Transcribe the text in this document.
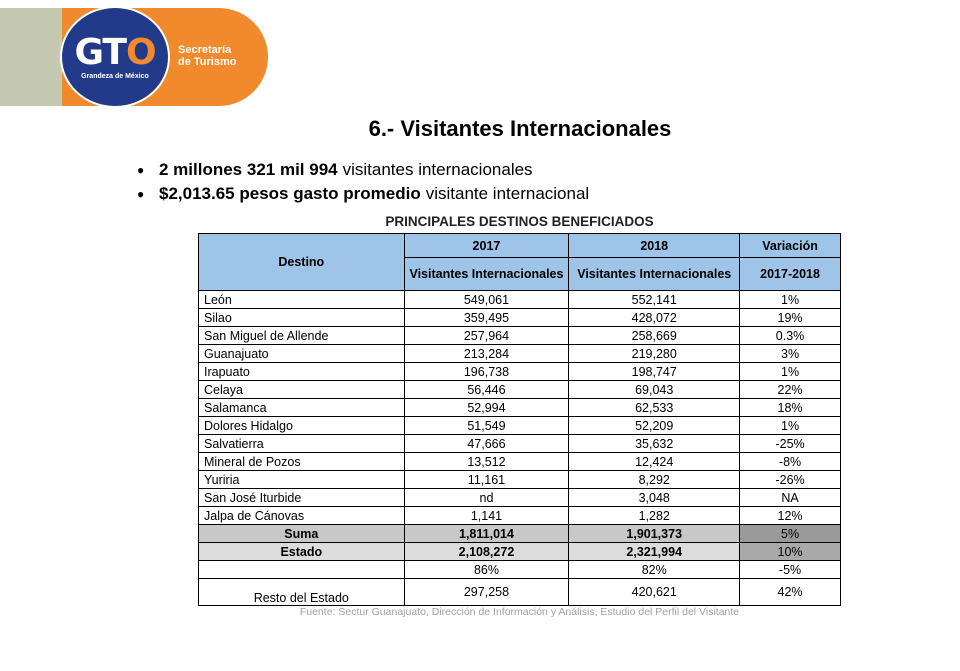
GTO
Grandeza de México
Secretaría
de Turismo
6.- Visitantes Internacionales
● 2 millones 321 mil 994 visitantes internacionales
● $2,013.65 pesos gasto promedio visitante internacional
PRINCIPALES DESTINOS BENEFICIADOS
Destino	2017	2018	Variación
	Visitantes Internacionales	Visitantes Internacionales	2017-2018
León	549,061	552,141	1%
Silao	359,495	428,072	19%
San Miguel de Allende	257,964	258,669	0.3%
Guanajuato	213,284	219,280	3%
Irapuato	196,738	198,747	1%
Celaya	56,446	69,043	22%
Salamanca	52,994	62,533	18%
Dolores Hidalgo	51,549	52,209	1%
Salvatierra	47,666	35,632	-25%
Mineral de Pozos	13,512	12,424	-8%
Yuriria	11,161	8,292	-26%
San José Iturbide	nd	3,048	NA
Jalpa de Cánovas	1,141	1,282	12%
Suma	1,811,014	1,901,373	5%
Estado	2,108,272	2,321,994	10%
	86%	82%	-5%
Resto del Estado	297,258	420,621	42%
Fuente: Sectur Guanajuato, Dirección de Información y Análisis, Estudio del Perfil del Visitante
